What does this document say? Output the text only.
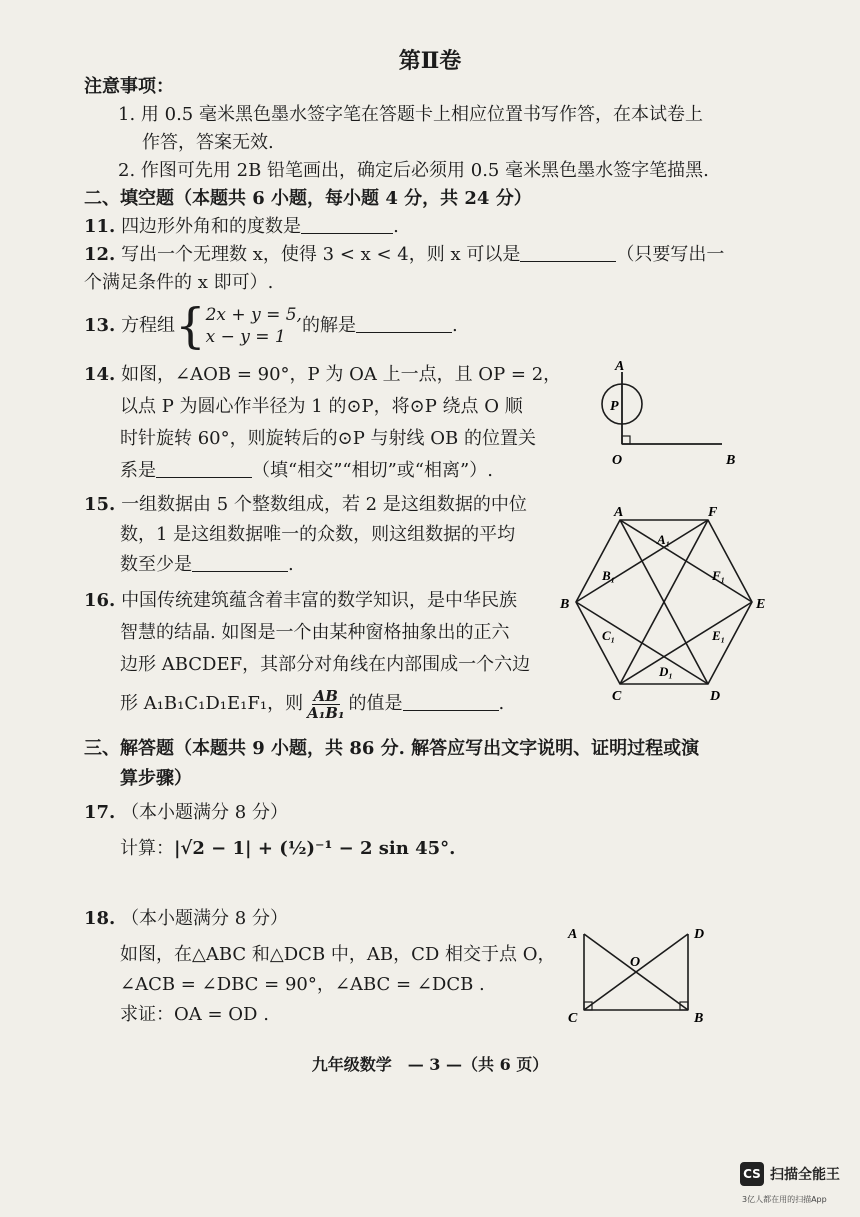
第Ⅱ卷
注意事项：
1. 用 0.5 毫米黑色墨水签字笔在答题卡上相应位置书写作答，在本试卷上
作答，答案无效.
2. 作图可先用 2B 铅笔画出，确定后必须用 0.5 毫米黑色墨水签字笔描黑.
二、填空题（本题共 6 小题，每小题 4 分，共 24 分）
11. 四边形外角和的度数是	.
12. 写出一个无理数 x，使得 3 < x < 4，则 x 可以是	（只要写出一
个满足条件的 x 即可）.
13. 方程组{ 2x + y = 5,
x − y = 1
的解是	.
14. 如图，∠AOB = 90°，P 为 OA 上一点，且 OP = 2，
以点 P 为圆心作半径为 1 的⊙P，将⊙P 绕点 O 顺
时针旋转 60°，则旋转后的⊙P 与射线 OB 的位置关
系是	（填“相交”“相切”或“相离”）.
A
P
O	B
15. 一组数据由 5 个整数组成，若 2 是这组数据的中位
数，1 是这组数据唯一的众数，则这组数据的平均
数至少是	.
16. 中国传统建筑蕴含着丰富的数学知识，是中华民族
智慧的结晶. 如图是一个由某种窗格抽象出的正六
边形 ABCDEF，其部分对角线在内部围成一个六边
形 A₁B₁C₁D₁E₁F₁，则 $\frac{AB}{\text{A₁B₁}}$ 的值是	.
A	F
B	E
C	D
A₁
B₁
C₁
D₁
E₁
F₁
三、解答题（本题共 9 小题，共 86 分. 解答应写出文字说明、证明过程或演
算步骤）
17. （本小题满分 8 分）
计算：|√2 − 1| + (½)⁻¹ − 2 sin 45°.
18. （本小题满分 8 分）
如图，在△ABC 和△DCB 中，AB，CD 相交于点 O，
∠ACB = ∠DBC = 90°，∠ABC = ∠DCB .
求证：OA = OD .
A	D
O
C	B
九年级数学　— 3 —（共 6 页）
CS 扫描全能王
3亿人都在用的扫描App
